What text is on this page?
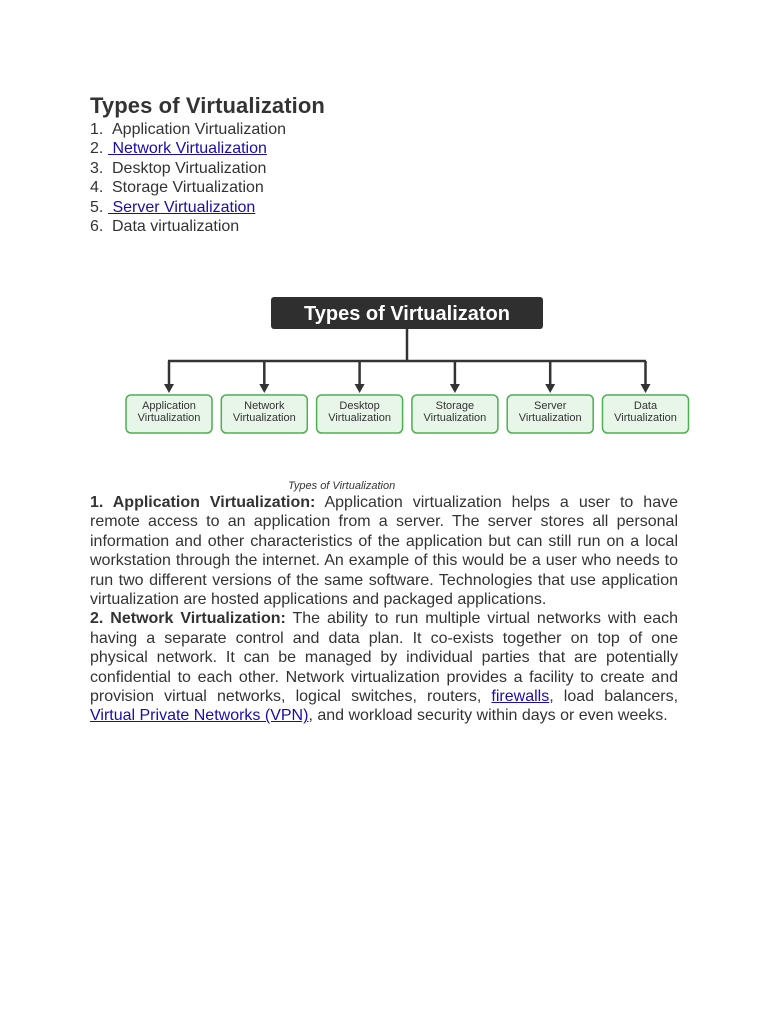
Types of Virtualization
1. Application Virtualization
2. Network Virtualization
3. Desktop Virtualization
4. Storage Virtualization
5. Server Virtualization
6. Data virtualization
Types of Virtualizaton
Application
Virtualization
Network
Virtualization
Desktop
Virtualization
Storage
Virtualization
Server
Virtualization
Data
Virtualization
Types of Virtualization

1. Application Virtualization: Application virtualization helps a user to have remote access to an application from a server. The server stores all personal information and other characteristics of the application but can still run on a local workstation through the internet. An example of this would be a user who needs to run two different versions of the same software. Technologies that use application virtualization are hosted applications and packaged applications.

2. Network Virtualization: The ability to run multiple virtual networks with each having a separate control and data plan. It co-exists together on top of one physical network. It can be managed by individual parties that are potentially confidential to each other. Network virtualization provides a facility to create and provision virtual networks, logical switches, routers, firewalls, load balancers, Virtual Private Networks (VPN), and workload security within days or even weeks.
